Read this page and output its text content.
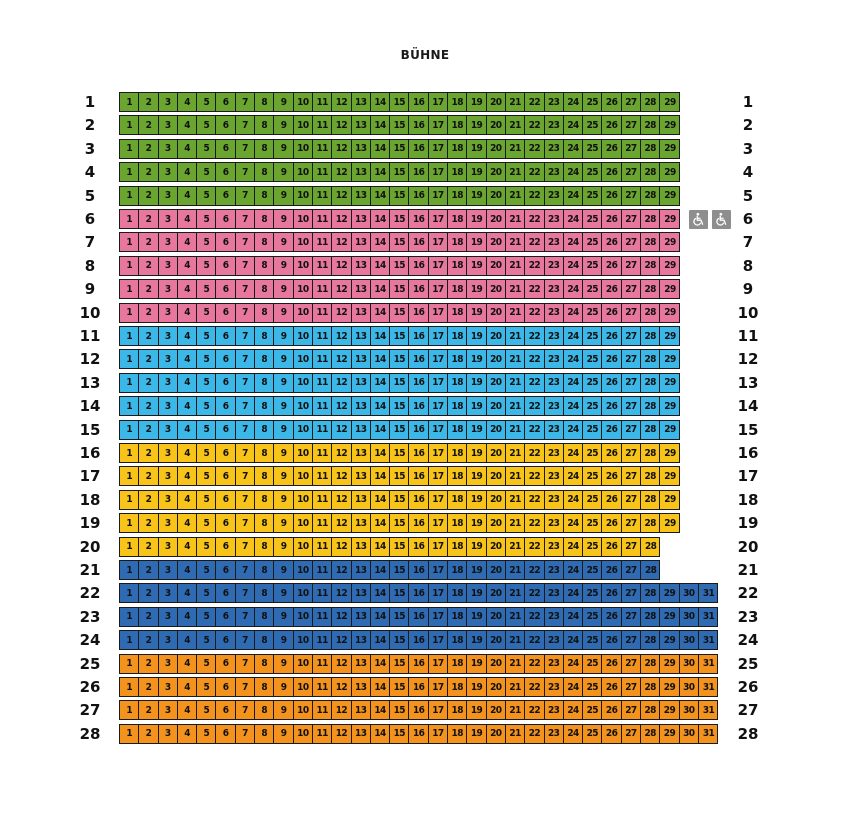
BÜHNE
1	1	2	3	4	5	6	7	8	9	10 11 12 13 14 15 16 17 18 19 20 21 22 23 24 25 26 27 28 29	1
2	1	2	3	4	5	6	7	8	9	10 11 12 13 14 15 16 17 18 19 20 21 22 23 24 25 26 27 28 29	2
3	1	2	3	4	5	6	7	8	9	10 11 12 13 14 15 16 17 18 19 20 21 22 23 24 25 26 27 28 29	3
4	1	2	3	4	5	6	7	8	9	10 11 12 13 14 15 16 17 18 19 20 21 22 23 24 25 26 27 28 29	4
5	1	2	3	4	5	6	7	8	9	10 11 12 13 14 15 16 17 18 19 20 21 22 23 24 25 26 27 28 29	5
6	1	2	3	4	5	6	7	8	9	10 11 12 13 14 15 16 17 18 19 20 21 22 23 24 25 26 27 28 29	6
7	1	2	3	4	5	6	7	8	9	10 11 12 13 14 15 16 17 18 19 20 21 22 23 24 25 26 27 28 29	7
8	1	2	3	4	5	6	7	8	9	10 11 12 13 14 15 16 17 18 19 20 21 22 23 24 25 26 27 28 29	8
9	1	2	3	4	5	6	7	8	9	10 11 12 13 14 15 16 17 18 19 20 21 22 23 24 25 26 27 28 29	9
10	1	2	3	4	5	6	7	8	9	10 11 12 13 14 15 16 17 18 19 20 21 22 23 24 25 26 27 28 29	10
11	1	2	3	4	5	6	7	8	9	10 11 12 13 14 15 16 17 18 19 20 21 22 23 24 25 26 27 28 29	11
12	1	2	3	4	5	6	7	8	9	10 11 12 13 14 15 16 17 18 19 20 21 22 23 24 25 26 27 28 29	12
13	1	2	3	4	5	6	7	8	9	10 11 12 13 14 15 16 17 18 19 20 21 22 23 24 25 26 27 28 29	13
14	1	2	3	4	5	6	7	8	9	10 11 12 13 14 15 16 17 18 19 20 21 22 23 24 25 26 27 28 29	14
15	1	2	3	4	5	6	7	8	9	10 11 12 13 14 15 16 17 18 19 20 21 22 23 24 25 26 27 28 29	15
16	1	2	3	4	5	6	7	8	9	10 11 12 13 14 15 16 17 18 19 20 21 22 23 24 25 26 27 28 29	16
17	1	2	3	4	5	6	7	8	9	10 11 12 13 14 15 16 17 18 19 20 21 22 23 24 25 26 27 28 29	17
18	1	2	3	4	5	6	7	8	9	10 11 12 13 14 15 16 17 18 19 20 21 22 23 24 25 26 27 28 29	18
19	1	2	3	4	5	6	7	8	9	10 11 12 13 14 15 16 17 18 19 20 21 22 23 24 25 26 27 28 29	19
20	1	2	3	4	5	6	7	8	9	10 11 12 13 14 15 16 17 18 19 20 21 22 23 24 25 26 27 28	20
21	1	2	3	4	5	6	7	8	9	10 11 12 13 14 15 16 17 18 19 20 21 22 23 24 25 26 27 28	21
22	1	2	3	4	5	6	7	8	9	10 11 12 13 14 15 16 17 18 19 20 21 22 23 24 25 26 27 28 29 30 31	22
23	1	2	3	4	5	6	7	8	9	10 11 12 13 14 15 16 17 18 19 20 21 22 23 24 25 26 27 28 29 30 31	23
24	1	2	3	4	5	6	7	8	9	10 11 12 13 14 15 16 17 18 19 20 21 22 23 24 25 26 27 28 29 30 31	24
25	1	2	3	4	5	6	7	8	9	10 11 12 13 14 15 16 17 18 19 20 21 22 23 24 25 26 27 28 29 30 31	25
26	1	2	3	4	5	6	7	8	9	10 11 12 13 14 15 16 17 18 19 20 21 22 23 24 25 26 27 28 29 30 31	26
27	1	2	3	4	5	6	7	8	9	10 11 12 13 14 15 16 17 18 19 20 21 22 23 24 25 26 27 28 29 30 31	27
28	1	2	3	4	5	6	7	8	9	10 11 12 13 14 15 16 17 18 19 20 21 22 23 24 25 26 27 28 29 30 31	28
